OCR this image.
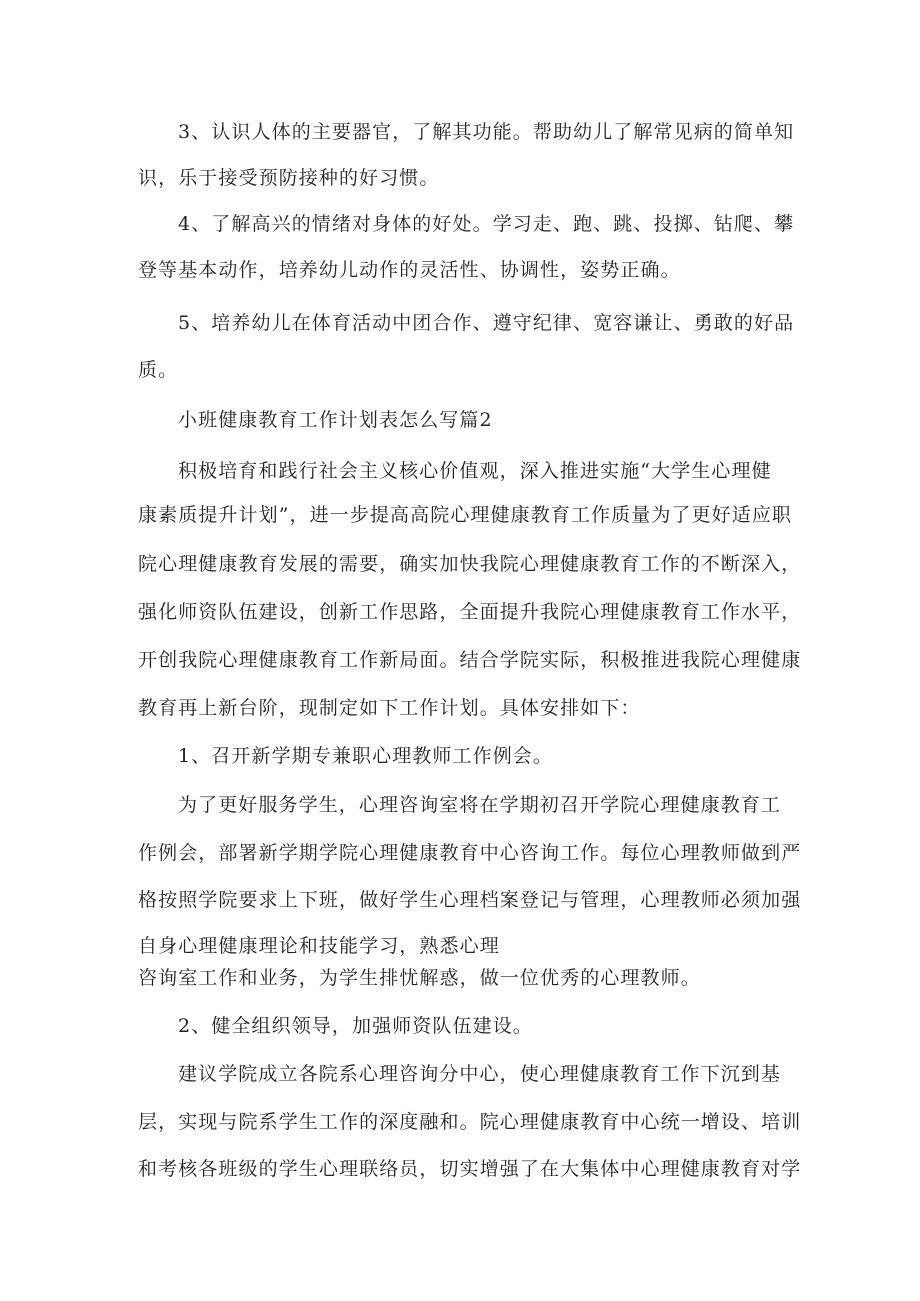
3、认识人体的主要器官，了解其功能。帮助幼儿了解常见病的简单知
识，乐于接受预防接种的好习惯。
4、了解高兴的情绪对身体的好处。学习走、跑、跳、投掷、钻爬、攀
登等基本动作，培养幼儿动作的灵活性、协调性，姿势正确。
5、培养幼儿在体育活动中团合作、遵守纪律、宽容谦让、勇敢的好品
质。
小班健康教育工作计划表怎么写篇2
积极培育和践行社会主义核心价值观，深入推进实施“大学生心理健
康素质提升计划”，进一步提高高院心理健康教育工作质量为了更好适应职
院心理健康教育发展的需要，确实加快我院心理健康教育工作的不断深入，
强化师资队伍建设，创新工作思路，全面提升我院心理健康教育工作水平，
开创我院心理健康教育工作新局面。结合学院实际，积极推进我院心理健康
教育再上新台阶，现制定如下工作计划。具体安排如下：
1、召开新学期专兼职心理教师工作例会。
为了更好服务学生，心理咨询室将在学期初召开学院心理健康教育工
作例会，部署新学期学院心理健康教育中心咨询工作。每位心理教师做到严
格按照学院要求上下班，做好学生心理档案登记与管理，心理教师必须加强
自身心理健康理论和技能学习，熟悉心理
咨询室工作和业务，为学生排忧解惑，做一位优秀的心理教师。
2、健全组织领导，加强师资队伍建设。
建议学院成立各院系心理咨询分中心，使心理健康教育工作下沉到基
层，实现与院系学生工作的深度融和。院心理健康教育中心统一增设、培训
和考核各班级的学生心理联络员，切实增强了在大集体中心理健康教育对学
